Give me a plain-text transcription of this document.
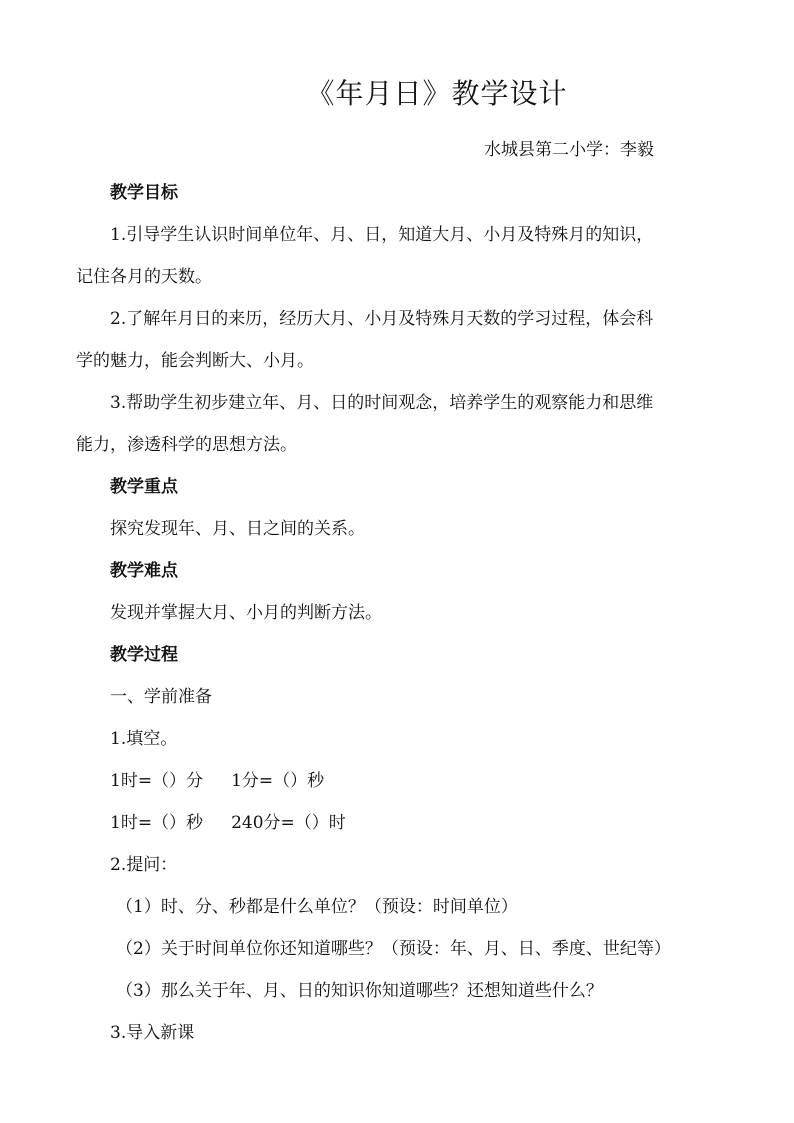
《年月日》教学设计
水城县第二小学：李毅
教学目标
1.引导学生认识时间单位年、月、日，知道大月、小月及特殊月的知识，
记住各月的天数。
2.了解年月日的来历，经历大月、小月及特殊月天数的学习过程，体会科
学的魅力，能会判断大、小月。
3.帮助学生初步建立年、月、日的时间观念，培养学生的观察能力和思维
能力，渗透科学的思想方法。
教学重点
探究发现年、月、日之间的关系。
教学难点
发现并掌握大月、小月的判断方法。
教学过程
一、学前准备
1.填空。
1时=（）分 1分=（）秒
1时=（）秒 240分=（）时
2.提问：
（1）时、分、秒都是什么单位？（预设：时间单位）
（2）关于时间单位你还知道哪些？（预设：年、月、日、季度、世纪等）
（3）那么关于年、月、日的知识你知道哪些？还想知道些什么？
3.导入新课
